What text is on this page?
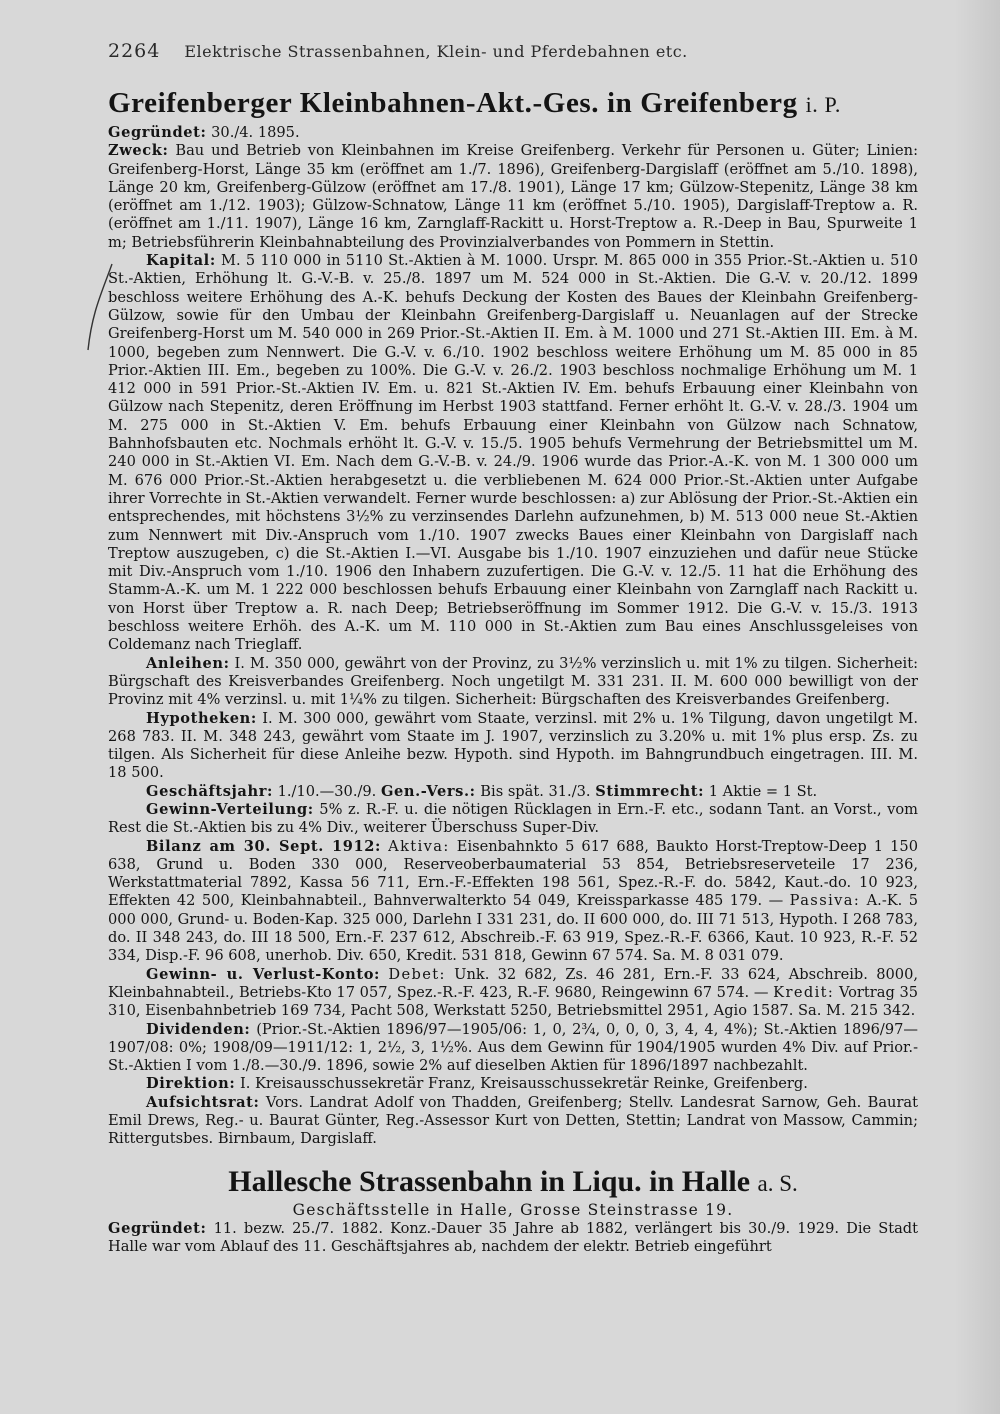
2264 Elektrische Strassenbahnen, Klein- und Pferdebahnen etc.
Greifenberger Kleinbahnen-Akt.-Ges. in Greifenberg i. P.
Gegründet: 30./4. 1895.

Zweck: Bau und Betrieb von Kleinbahnen im Kreise Greifenberg. Verkehr für Personen u. Güter; Linien: Greifenberg-Horst, Länge 35 km (eröffnet am 1./7. 1896), Greifenberg-Dargislaff (eröffnet am 5./10. 1898), Länge 20 km, Greifenberg-Gülzow (eröffnet am 17./8. 1901), Länge 17 km; Gülzow-Stepenitz, Länge 38 km (eröffnet am 1./12. 1903); Gülzow-Schnatow, Länge 11 km (eröffnet 5./10. 1905), Dargislaff-Treptow a. R. (eröffnet am 1./11. 1907), Länge 16 km, Zarnglaff-Rackitt u. Horst-Treptow a. R.-Deep in Bau, Spurweite 1 m; Betriebsführerin Kleinbahnabteilung des Provinzialverbandes von Pommern in Stettin.

Kapital: M. 5 110 000 in 5110 St.-Aktien à M. 1000. Urspr. M. 865 000 in 355 Prior.-St.-Aktien u. 510 St.-Aktien, Erhöhung lt. G.-V.-B. v. 25./8. 1897 um M. 524 000 in St.-Aktien. Die G.-V. v. 20./12. 1899 beschloss weitere Erhöhung des A.-K. behufs Deckung der Kosten des Baues der Kleinbahn Greifenberg-Gülzow, sowie für den Umbau der Kleinbahn Greifenberg-Dargislaff u. Neuanlagen auf der Strecke Greifenberg-Horst um M. 540 000 in 269 Prior.-St.-Aktien II. Em. à M. 1000 und 271 St.-Aktien III. Em. à M. 1000, begeben zum Nennwert. Die G.-V. v. 6./10. 1902 beschloss weitere Erhöhung um M. 85 000 in 85 Prior.-Aktien III. Em., begeben zu 100%. Die G.-V. v. 26./2. 1903 beschloss nochmalige Erhöhung um M. 1 412 000 in 591 Prior.-St.-Aktien IV. Em. u. 821 St.-Aktien IV. Em. behufs Erbauung einer Kleinbahn von Gülzow nach Stepenitz, deren Eröffnung im Herbst 1903 stattfand. Ferner erhöht lt. G.-V. v. 28./3. 1904 um M. 275 000 in St.-Aktien V. Em. behufs Erbauung einer Kleinbahn von Gülzow nach Schnatow, Bahnhofsbauten etc. Nochmals erhöht lt. G.-V. v. 15./5. 1905 behufs Vermehrung der Betriebsmittel um M. 240 000 in St.-Aktien VI. Em. Nach dem G.-V.-B. v. 24./9. 1906 wurde das Prior.-A.-K. von M. 1 300 000 um M. 676 000 Prior.-St.-Aktien herabgesetzt u. die verbliebenen M. 624 000 Prior.-St.-Aktien unter Aufgabe ihrer Vorrechte in St.-Aktien verwandelt. Ferner wurde beschlossen: a) zur Ablösung der Prior.-St.-Aktien ein entsprechendes, mit höchstens 3½% zu verzinsendes Darlehn aufzunehmen, b) M. 513 000 neue St.-Aktien zum Nennwert mit Div.-Anspruch vom 1./10. 1907 zwecks Baues einer Kleinbahn von Dargislaff nach Treptow auszugeben, c) die St.-Aktien I.—VI. Ausgabe bis 1./10. 1907 einzuziehen und dafür neue Stücke mit Div.-Anspruch vom 1./10. 1906 den Inhabern zuzufertigen. Die G.-V. v. 12./5. 11 hat die Erhöhung des Stamm-A.-K. um M. 1 222 000 beschlossen behufs Erbauung einer Kleinbahn von Zarnglaff nach Rackitt u. von Horst über Treptow a. R. nach Deep; Betriebseröffnung im Sommer 1912. Die G.-V. v. 15./3. 1913 beschloss weitere Erhöh. des A.-K. um M. 110 000 in St.-Aktien zum Bau eines Anschlussgeleises von Coldemanz nach Trieglaff.

Anleihen: I. M. 350 000, gewährt von der Provinz, zu 3½% verzinslich u. mit 1% zu tilgen. Sicherheit: Bürgschaft des Kreisverbandes Greifenberg. Noch ungetilgt M. 331 231. II. M. 600 000 bewilligt von der Provinz mit 4% verzinsl. u. mit 1¼% zu tilgen. Sicherheit: Bürgschaften des Kreisverbandes Greifenberg.

Hypotheken: I. M. 300 000, gewährt vom Staate, verzinsl. mit 2% u. 1% Tilgung, davon ungetilgt M. 268 783. II. M. 348 243, gewährt vom Staate im J. 1907, verzinslich zu 3.20% u. mit 1% plus ersp. Zs. zu tilgen. Als Sicherheit für diese Anleihe bezw. Hypoth. sind Hypoth. im Bahngrundbuch eingetragen. III. M. 18 500.

Geschäftsjahr: 1./10.—30./9. Gen.-Vers.: Bis spät. 31./3. Stimmrecht: 1 Aktie = 1 St.

Gewinn-Verteilung: 5% z. R.-F. u. die nötigen Rücklagen in Ern.-F. etc., sodann Tant. an Vorst., vom Rest die St.-Aktien bis zu 4% Div., weiterer Überschuss Super-Div.

Bilanz am 30. Sept. 1912: Aktiva: Eisenbahnkto 5 617 688, Baukto Horst-Treptow-Deep 1 150 638, Grund u. Boden 330 000, Reserveoberbaumaterial 53 854, Betriebsreserveteile 17 236, Werkstattmaterial 7892, Kassa 56 711, Ern.-F.-Effekten 198 561, Spez.-R.-F. do. 5842, Kaut.-do. 10 923, Effekten 42 500, Kleinbahnabteil., Bahnverwalterkto 54 049, Kreissparkasse 485 179. — Passiva: A.-K. 5 000 000, Grund- u. Boden-Kap. 325 000, Darlehn I 331 231, do. II 600 000, do. III 71 513, Hypoth. I 268 783, do. II 348 243, do. III 18 500, Ern.-F. 237 612, Abschreib.-F. 63 919, Spez.-R.-F. 6366, Kaut. 10 923, R.-F. 52 334, Disp.-F. 96 608, unerhob. Div. 650, Kredit. 531 818, Gewinn 67 574. Sa. M. 8 031 079.

Gewinn- u. Verlust-Konto: Debet: Unk. 32 682, Zs. 46 281, Ern.-F. 33 624, Abschreib. 8000, Kleinbahnabteil., Betriebs-Kto 17 057, Spez.-R.-F. 423, R.-F. 9680, Reingewinn 67 574. — Kredit: Vortrag 35 310, Eisenbahnbetrieb 169 734, Pacht 508, Werkstatt 5250, Betriebsmittel 2951, Agio 1587. Sa. M. 215 342.

Dividenden: (Prior.-St.-Aktien 1896/97—1905/06: 1, 0, 2¾, 0, 0, 0, 3, 4, 4, 4%); St.-Aktien 1896/97—1907/08: 0%; 1908/09—1911/12: 1, 2½, 3, 1½%. Aus dem Gewinn für 1904/1905 wurden 4% Div. auf Prior.-St.-Aktien I vom 1./8.—30./9. 1896, sowie 2% auf dieselben Aktien für 1896/1897 nachbezahlt.

Direktion: I. Kreisausschussekretär Franz, Kreisausschussekretär Reinke, Greifenberg.

Aufsichtsrat: Vors. Landrat Adolf von Thadden, Greifenberg; Stellv. Landesrat Sarnow, Geh. Baurat Emil Drews, Reg.- u. Baurat Günter, Reg.-Assessor Kurt von Detten, Stettin; Landrat von Massow, Cammin; Rittergutsbes. Birnbaum, Dargislaff.

Hallesche Strassenbahn in Liqu. in Halle a. S.
Geschäftsstelle in Halle, Grosse Steinstrasse 19.

Gegründet: 11. bezw. 25./7. 1882. Konz.-Dauer 35 Jahre ab 1882, verlängert bis 30./9. 1929. Die Stadt Halle war vom Ablauf des 11. Geschäftsjahres ab, nachdem der elektr. Betrieb eingeführt
